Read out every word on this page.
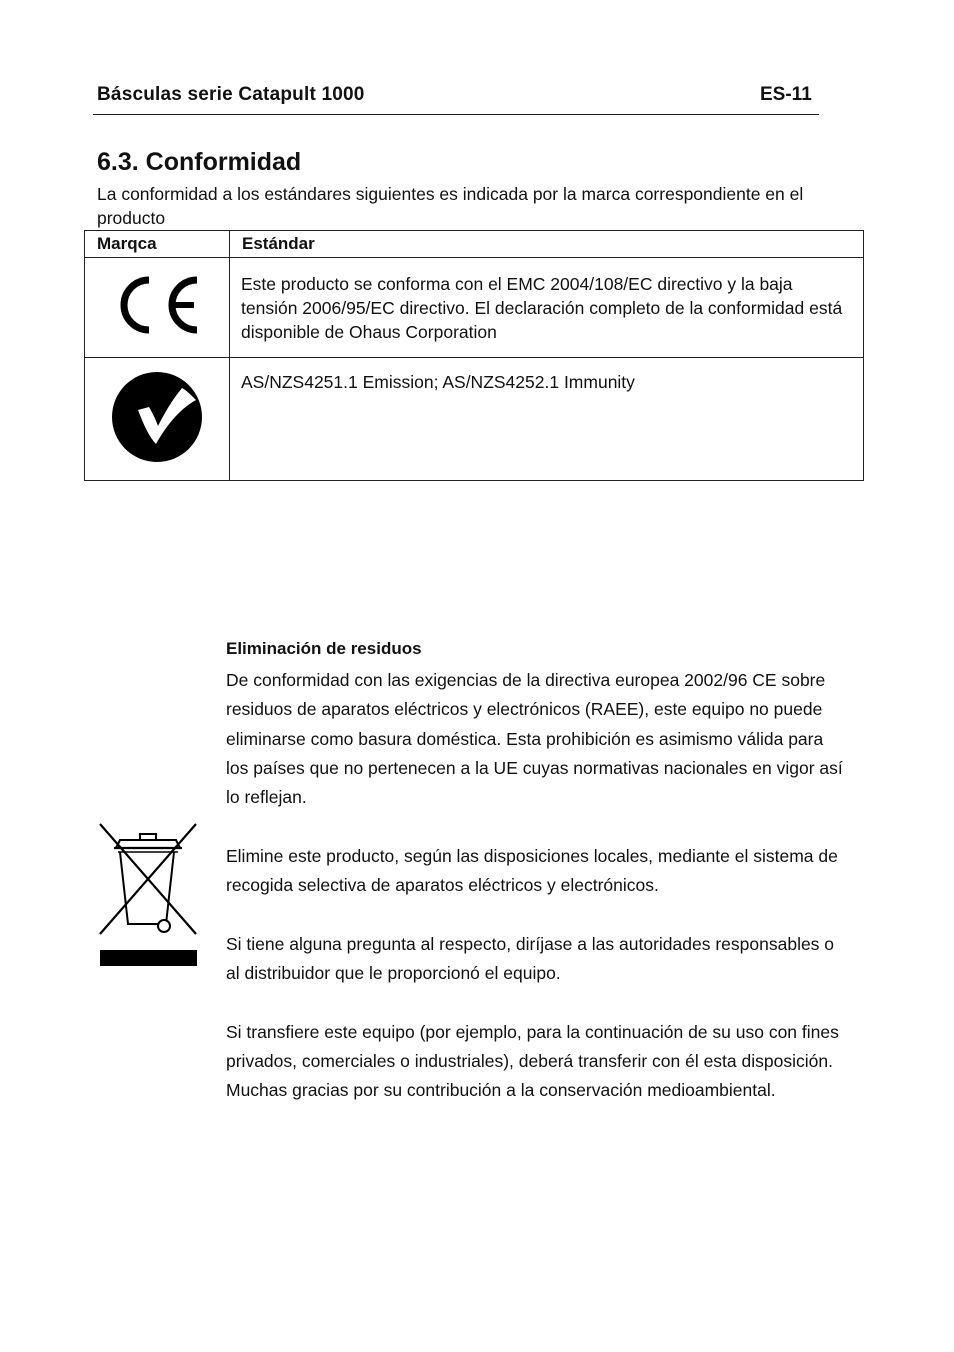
Básculas serie Catapult 1000	ES-11
6.3. Conformidad
La conformidad a los estándares siguientes es indicada por la marca correspondiente en el producto
Marqca	Estándar
	Este producto se conforma con el EMC 2004/108/EC directivo y la baja tensión 2006/95/EC directivo. El declaración completo de la conformidad está disponible de Ohaus Corporation
	AS/NZS4251.1 Emission; AS/NZS4252.1 Immunity
Eliminación de residuos

De conformidad con las exigencias de la directiva europea 2002/96 CE sobre residuos de aparatos eléctricos y electrónicos (RAEE), este equipo no puede eliminarse como basura doméstica. Esta prohibición es asimismo válida para los países que no pertenecen a la UE cuyas normativas nacionales en vigor así lo reflejan.

Elimine este producto, según las disposiciones locales, mediante el sistema de recogida selectiva de aparatos eléctricos y electrónicos.

Si tiene alguna pregunta al respecto, diríjase a las autoridades responsables o al distribuidor que le proporcionó el equipo.

Si transfiere este equipo (por ejemplo, para la continuación de su uso con fines privados, comerciales o industriales), deberá transferir con él esta disposición.

Muchas gracias por su contribución a la conservación medioambiental.
